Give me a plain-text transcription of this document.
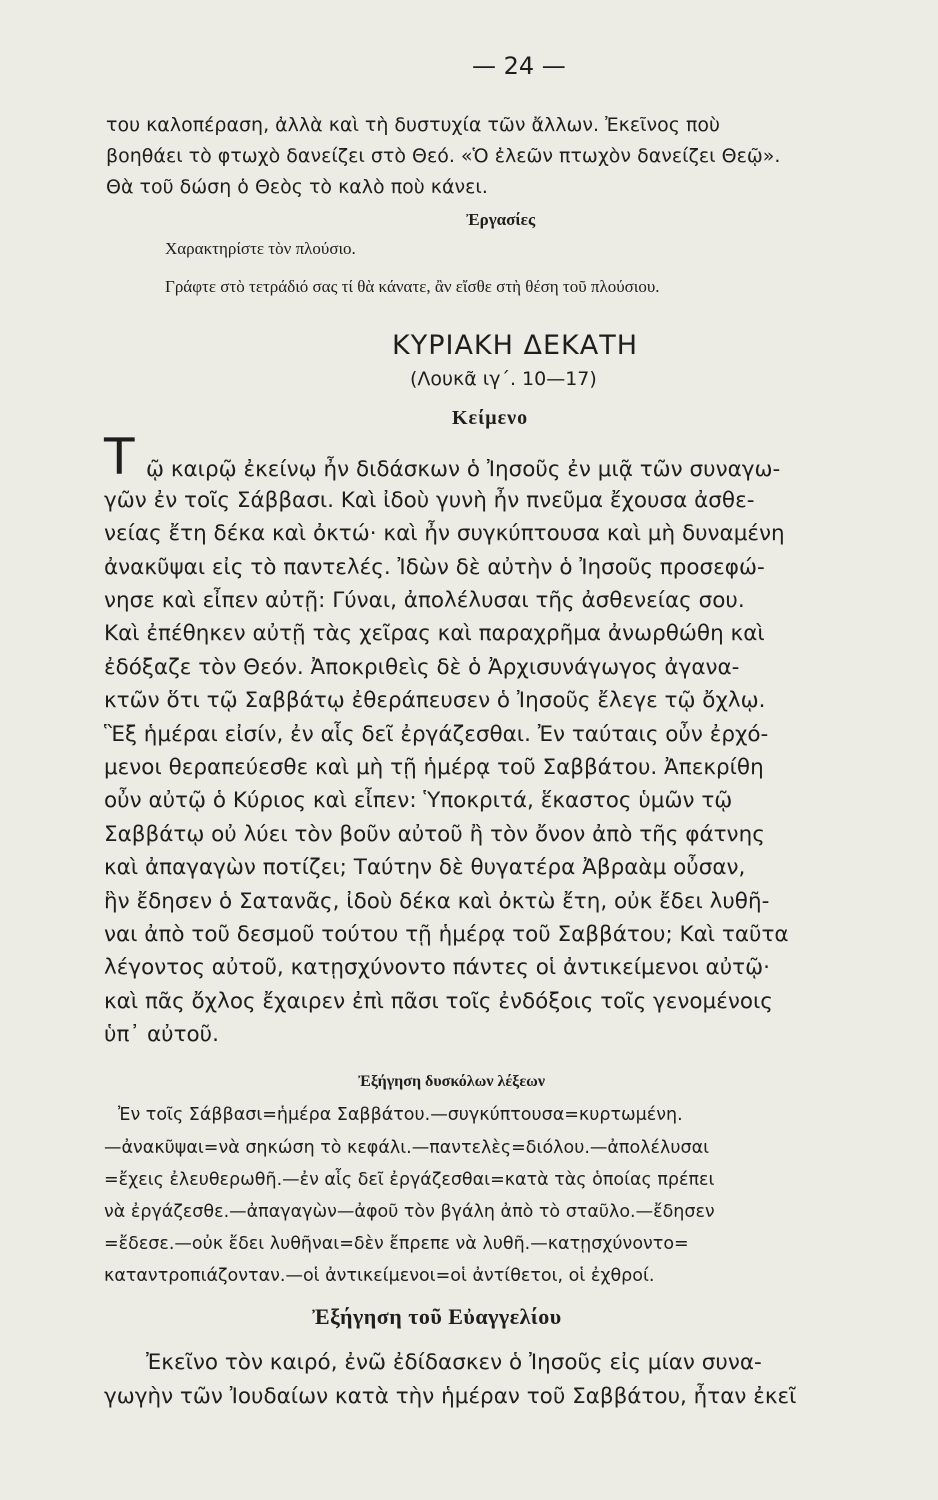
— 24 —
του καλοπέραση, ἀλλὰ καὶ τὴ δυστυχία τῶν ἄλλων. Ἐκεῖνος ποὺ
βοηθάει τὸ φτωχὸ δανείζει στὸ Θεό. «Ὁ ἐλεῶν πτωχὸν δανείζει Θεῷ».
Θὰ τοῦ δώση ὁ Θεὸς τὸ καλὸ ποὺ κάνει.
Ἐργασίες
Χαρακτηρίστε τὸν πλούσιο.
Γράφτε στὸ τετράδιό σας τί θὰ κάνατε, ἂν εἴσθε στὴ θέση τοῦ πλούσιου.
ΚΥΡΙΑΚΗ ΔΕΚΑΤΗ
(Λουκᾶ ιγ΄. 10—17)
Κείμενο
Τ ῷ καιρῷ ἐκείνῳ ἦν διδάσκων ὁ Ἰησοῦς ἐν μιᾷ τῶν συναγω-
γῶν ἐν τοῖς Σάββασι. Καὶ ἰδοὺ γυνὴ ἦν πνεῦμα ἔχουσα ἀσθε-
νείας ἔτη δέκα καὶ ὀκτώ· καὶ ἦν συγκύπτουσα καὶ μὴ δυναμένη
ἀνακῦψαι εἰς τὸ παντελές. Ἰδὼν δὲ αὐτὴν ὁ Ἰησοῦς προσεφώ-
νησε καὶ εἶπεν αὐτῇ: Γύναι, ἀπολέλυσαι τῆς ἀσθενείας σου.
Καὶ ἐπέθηκεν αὐτῇ τὰς χεῖρας καὶ παραχρῆμα ἀνωρθώθη καὶ
ἐδόξαζε τὸν Θεόν. Ἀποκριθεὶς δὲ ὁ Ἀρχισυνάγωγος ἀγανα-
κτῶν ὅτι τῷ Σαββάτῳ ἐθεράπευσεν ὁ Ἰησοῦς ἔλεγε τῷ ὄχλῳ.
Ἓξ ἡμέραι εἰσίν, ἐν αἷς δεῖ ἐργάζεσθαι. Ἐν ταύταις οὖν ἐρχό-
μενοι θεραπεύεσθε καὶ μὴ τῇ ἡμέρᾳ τοῦ Σαββάτου. Ἀπεκρίθη
οὖν αὐτῷ ὁ Κύριος καὶ εἶπεν: Ὑποκριτά, ἕκαστος ὑμῶν τῷ
Σαββάτῳ οὐ λύει τὸν βοῦν αὐτοῦ ἢ τὸν ὄνον ἀπὸ τῆς φάτνης
καὶ ἀπαγαγὼν ποτίζει; Ταύτην δὲ θυγατέρα Ἀβραὰμ οὖσαν,
ἣν ἔδησεν ὁ Σατανᾶς, ἰδοὺ δέκα καὶ ὀκτὼ ἔτη, οὐκ ἔδει λυθῆ-
ναι ἀπὸ τοῦ δεσμοῦ τούτου τῇ ἡμέρᾳ τοῦ Σαββάτου; Καὶ ταῦτα
λέγοντος αὐτοῦ, κατῃσχύνοντο πάντες οἱ ἀντικείμενοι αὐτῷ·
καὶ πᾶς ὄχλος ἔχαιρεν ἐπὶ πᾶσι τοῖς ἐνδόξοις τοῖς γενομένοις
ὑπ᾽ αὐτοῦ.
Ἐξήγηση δυσκόλων λέξεων
Ἐν τοῖς Σάββασι=ἡμέρα Σαββάτου.—συγκύπτουσα=κυρτωμένη.
—ἀνακῦψαι=νὰ σηκώση τὸ κεφάλι.—παντελὲς=διόλου.—ἀπολέλυσαι
=ἔχεις ἐλευθερωθῆ.—ἐν αἷς δεῖ ἐργάζεσθαι=κατὰ τὰς ὁποίας πρέπει
νὰ ἐργάζεσθε.—ἀπαγαγὼν—ἀφοῦ τὸν βγάλη ἀπὸ τὸ σταῦλο.—ἔδησεν
=ἔδεσε.—οὐκ ἔδει λυθῆναι=δὲν ἔπρεπε νὰ λυθῆ.—κατῃσχύνοντο=
καταντροπιάζονταν.—οἱ ἀντικείμενοι=οἱ ἀντίθετοι, οἱ ἐχθροί.
Ἐξήγηση τοῦ Εὐαγγελίου
Ἐκεῖνο τὸν καιρό, ἐνῶ ἐδίδασκεν ὁ Ἰησοῦς εἰς μίαν συνα-
γωγὴν τῶν Ἰουδαίων κατὰ τὴν ἡμέραν τοῦ Σαββάτου, ἦταν ἐκεῖ
